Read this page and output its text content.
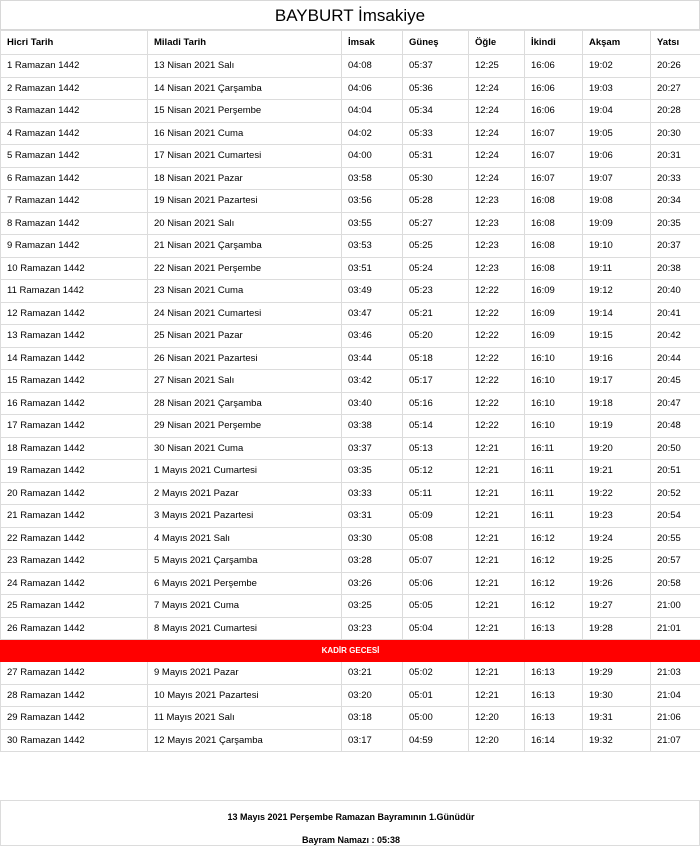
BAYBURT İmsakiye
Hicri Tarih	Miladi Tarih	İmsak	Güneş	Öğle	İkindi	Akşam	Yatsı
1 Ramazan 1442	13 Nisan 2021 Salı	04:08	05:37	12:25	16:06	19:02	20:26
2 Ramazan 1442	14 Nisan 2021 Çarşamba	04:06	05:36	12:24	16:06	19:03	20:27
3 Ramazan 1442	15 Nisan 2021 Perşembe	04:04	05:34	12:24	16:06	19:04	20:28
4 Ramazan 1442	16 Nisan 2021 Cuma	04:02	05:33	12:24	16:07	19:05	20:30
5 Ramazan 1442	17 Nisan 2021 Cumartesi	04:00	05:31	12:24	16:07	19:06	20:31
6 Ramazan 1442	18 Nisan 2021 Pazar	03:58	05:30	12:24	16:07	19:07	20:33
7 Ramazan 1442	19 Nisan 2021 Pazartesi	03:56	05:28	12:23	16:08	19:08	20:34
8 Ramazan 1442	20 Nisan 2021 Salı	03:55	05:27	12:23	16:08	19:09	20:35
9 Ramazan 1442	21 Nisan 2021 Çarşamba	03:53	05:25	12:23	16:08	19:10	20:37
10 Ramazan 1442	22 Nisan 2021 Perşembe	03:51	05:24	12:23	16:08	19:11	20:38
11 Ramazan 1442	23 Nisan 2021 Cuma	03:49	05:23	12:22	16:09	19:12	20:40
12 Ramazan 1442	24 Nisan 2021 Cumartesi	03:47	05:21	12:22	16:09	19:14	20:41
13 Ramazan 1442	25 Nisan 2021 Pazar	03:46	05:20	12:22	16:09	19:15	20:42
14 Ramazan 1442	26 Nisan 2021 Pazartesi	03:44	05:18	12:22	16:10	19:16	20:44
15 Ramazan 1442	27 Nisan 2021 Salı	03:42	05:17	12:22	16:10	19:17	20:45
16 Ramazan 1442	28 Nisan 2021 Çarşamba	03:40	05:16	12:22	16:10	19:18	20:47
17 Ramazan 1442	29 Nisan 2021 Perşembe	03:38	05:14	12:22	16:10	19:19	20:48
18 Ramazan 1442	30 Nisan 2021 Cuma	03:37	05:13	12:21	16:11	19:20	20:50
19 Ramazan 1442	1 Mayıs 2021 Cumartesi	03:35	05:12	12:21	16:11	19:21	20:51
20 Ramazan 1442	2 Mayıs 2021 Pazar	03:33	05:11	12:21	16:11	19:22	20:52
21 Ramazan 1442	3 Mayıs 2021 Pazartesi	03:31	05:09	12:21	16:11	19:23	20:54
22 Ramazan 1442	4 Mayıs 2021 Salı	03:30	05:08	12:21	16:12	19:24	20:55
23 Ramazan 1442	5 Mayıs 2021 Çarşamba	03:28	05:07	12:21	16:12	19:25	20:57
24 Ramazan 1442	6 Mayıs 2021 Perşembe	03:26	05:06	12:21	16:12	19:26	20:58
25 Ramazan 1442	7 Mayıs 2021 Cuma	03:25	05:05	12:21	16:12	19:27	21:00
26 Ramazan 1442	8 Mayıs 2021 Cumartesi	03:23	05:04	12:21	16:13	19:28	21:01
KADİR GECESİ							
27 Ramazan 1442	9 Mayıs 2021 Pazar	03:21	05:02	12:21	16:13	19:29	21:03
28 Ramazan 1442	10 Mayıs 2021 Pazartesi	03:20	05:01	12:21	16:13	19:30	21:04
29 Ramazan 1442	11 Mayıs 2021 Salı	03:18	05:00	12:20	16:13	19:31	21:06
30 Ramazan 1442	12 Mayıs 2021 Çarşamba	03:17	04:59	12:20	16:14	19:32	21:07
13 Mayıs 2021 Perşembe Ramazan Bayramının 1.Günüdür
Bayram Namazı : 05:38
